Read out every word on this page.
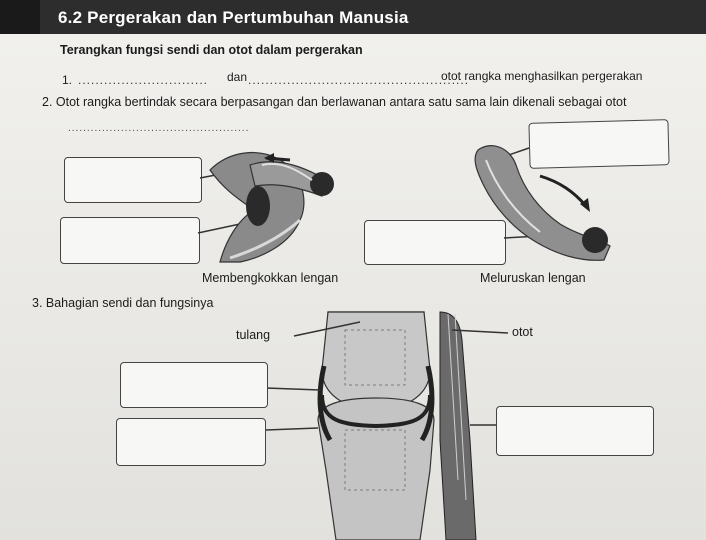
6.2 Pergerakan dan Pertumbuhan Manusia
Terangkan fungsi sendi dan otot dalam pergerakan
1. .............................. dan ...................................................
otot rangka menghasilkan pergerakan
2. Otot rangka bertindak secara berpasangan dan berlawanan antara satu sama lain dikenali sebagai otot
................................................
Membengkokkan lengan	Meluruskan lengan
3. Bahagian sendi dan fungsinya
tulang	otot
